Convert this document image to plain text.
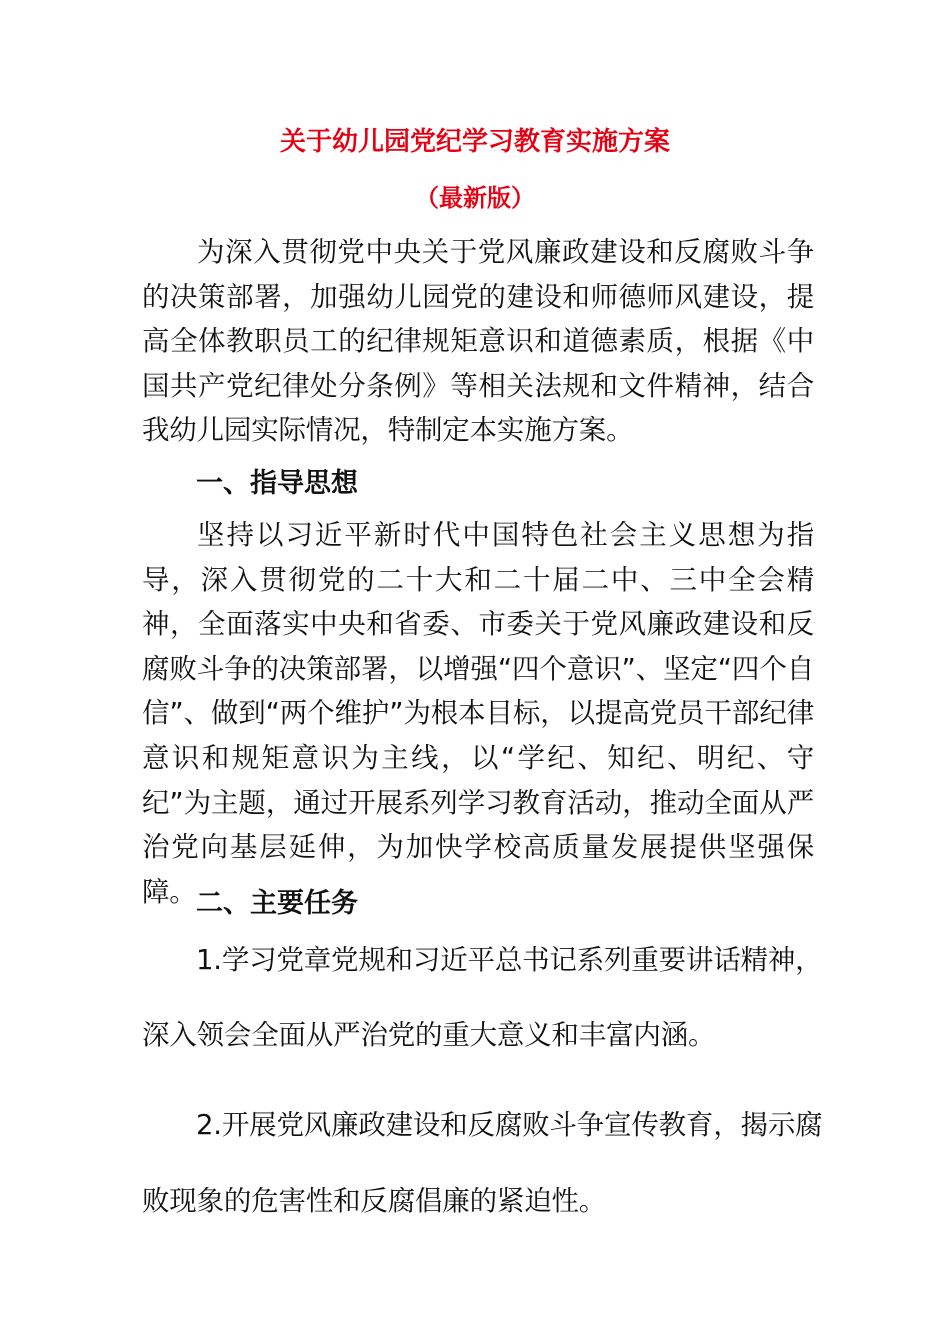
关于幼儿园党纪学习教育实施方案
（最新版）

为深入贯彻党中央关于党风廉政建设和反腐败斗争的决策部署，加强幼儿园党的建设和师德师风建设，提高全体教职员工的纪律规矩意识和道德素质，根据《中国共产党纪律处分条例》等相关法规和文件精神，结合我幼儿园实际情况，特制定本实施方案。

一、指导思想

坚持以习近平新时代中国特色社会主义思想为指导，深入贯彻党的二十大和二十届二中、三中全会精神，全面落实中央和省委、市委关于党风廉政建设和反腐败斗争的决策部署，以增强“四个意识”、坚定“四个自信”、做到“两个维护”为根本目标，以提高党员干部纪律意识和规矩意识为主线，以“学纪、知纪、明纪、守纪”为主题，通过开展系列学习教育活动，推动全面从严治党向基层延伸，为加快学校高质量发展提供坚强保障。 二、主要任务

1.学习党章党规和习近平总书记系列重要讲话精神，

深入领会全面从严治党的重大意义和丰富内涵。

2.开展党风廉政建设和反腐败斗争宣传教育，揭示腐

败现象的危害性和反腐倡廉的紧迫性。
